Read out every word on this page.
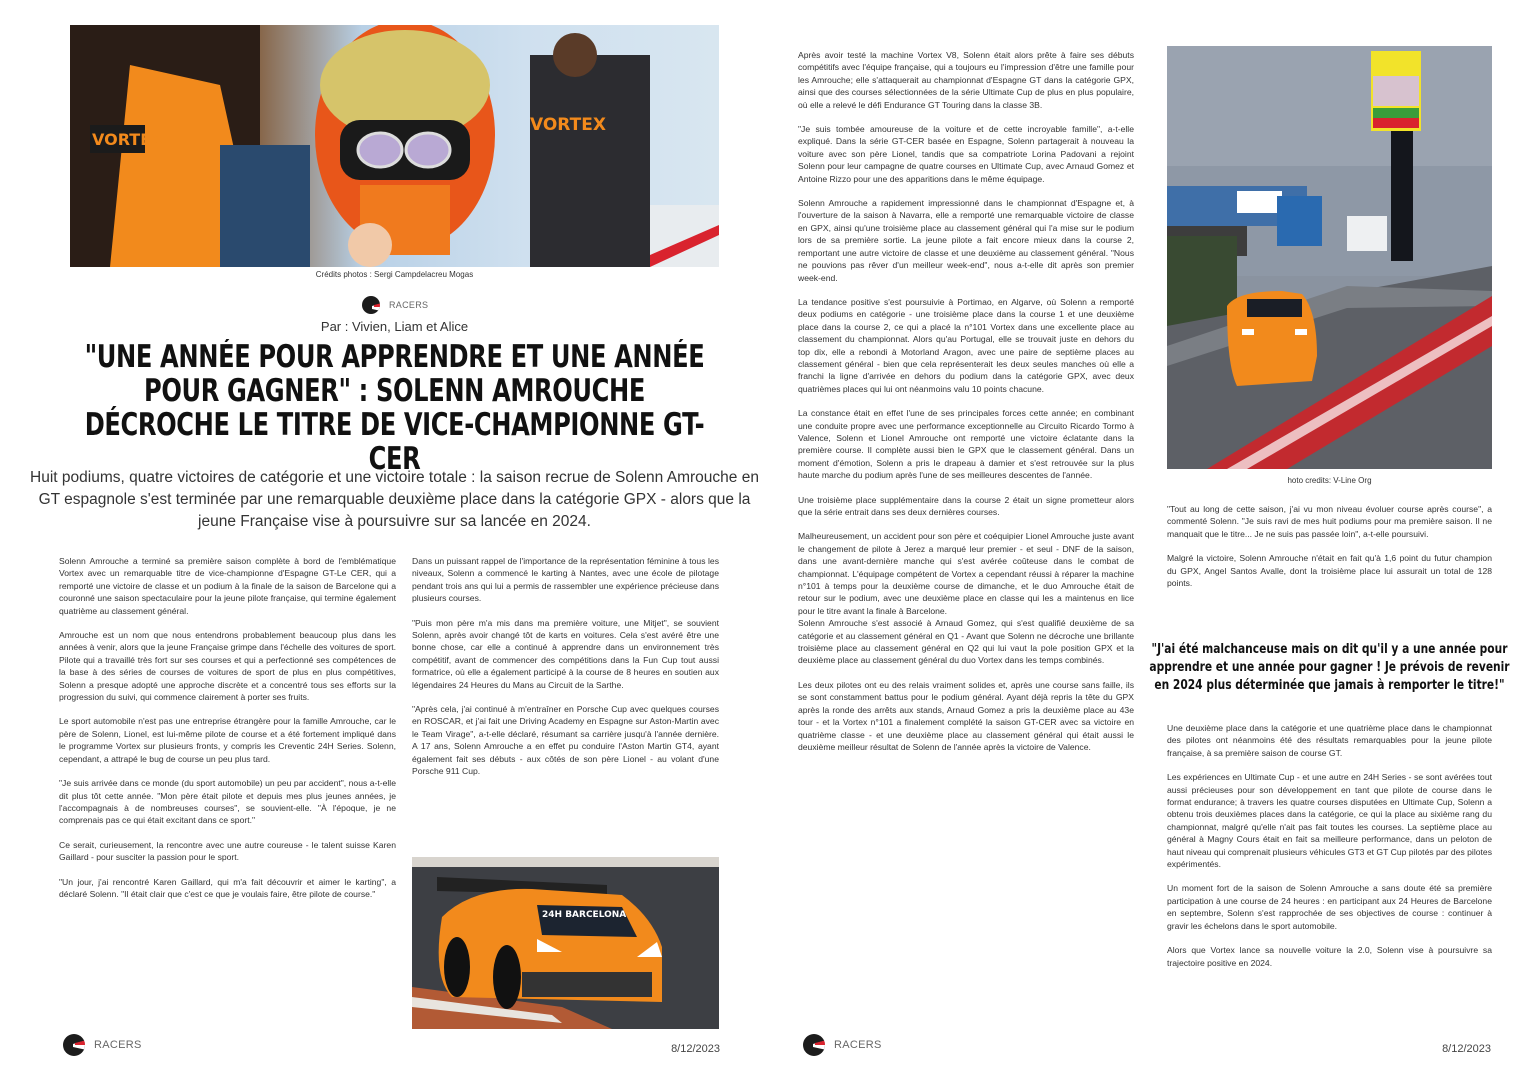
VORTEX
VORTEX
Crédits photos : Sergi Campdelacreu Mogas
RACERS
Par : Vivien, Liam et Alice
"UNE ANNÉE POUR APPRENDRE ET UNE ANNÉE POUR GAGNER" : SOLENN AMROUCHE DÉCROCHE LE TITRE DE VICE-CHAMPIONNE GT-CER
Huit podiums, quatre victoires de catégorie et une victoire totale : la saison recrue de Solenn Amrouche en GT espagnole s'est terminée par une remarquable deuxième place dans la catégorie GPX - alors que la jeune Française vise à poursuivre sur sa lancée en 2024.

Solenn Amrouche a terminé sa première saison complète à bord de l'emblématique Vortex avec un remarquable titre de vice-championne d'Espagne GT-Le CER, qui a remporté une victoire de classe et un podium à la finale de la saison de Barcelone qui a couronné une saison spectaculaire pour la jeune pilote française, qui termine également quatrième au classement général.

Amrouche est un nom que nous entendrons probablement beaucoup plus dans les années à venir, alors que la jeune Française grimpe dans l'échelle des voitures de sport. Pilote qui a travaillé très fort sur ses courses et qui a perfectionné ses compétences de la base à des séries de courses de voitures de sport de plus en plus compétitives, Solenn a presque adopté une approche discrète et a concentré tous ses efforts sur la progression du suivi, qui commence clairement à porter ses fruits.

Le sport automobile n'est pas une entreprise étrangère pour la famille Amrouche, car le père de Solenn, Lionel, est lui-même pilote de course et a été fortement impliqué dans le programme Vortex sur plusieurs fronts, y compris les Creventic 24H Series. Solenn, cependant, a attrapé le bug de course un peu plus tard.

"Je suis arrivée dans ce monde (du sport automobile) un peu par accident", nous a-t-elle dit plus tôt cette année. "Mon père était pilote et depuis mes plus jeunes années, je l'accompagnais à de nombreuses courses", se souvient-elle. "À l'époque, je ne comprenais pas ce qui était excitant dans ce sport."

Ce serait, curieusement, la rencontre avec une autre coureuse - le talent suisse Karen Gaillard - pour susciter la passion pour le sport.

"Un jour, j'ai rencontré Karen Gaillard, qui m'a fait découvrir et aimer le karting", a déclaré Solenn. "Il était clair que c'est ce que je voulais faire, être pilote de course."

Dans un puissant rappel de l'importance de la représentation féminine à tous les niveaux, Solenn a commencé le karting à Nantes, avec une école de pilotage pendant trois ans qui lui a permis de rassembler une expérience précieuse dans plusieurs courses.

"Puis mon père m'a mis dans ma première voiture, une Mitjet", se souvient Solenn, après avoir changé tôt de karts en voitures. Cela s'est avéré être une bonne chose, car elle a continué à apprendre dans un environnement très compétitif, avant de commencer des compétitions dans la Fun Cup tout aussi formatrice, où elle a également participé à la course de 8 heures en soutien aux légendaires 24 Heures du Mans au Circuit de la Sarthe.

"Après cela, j'ai continué à m'entraîner en Porsche Cup avec quelques courses en ROSCAR, et j'ai fait une Driving Academy en Espagne sur Aston-Martin avec le Team Virage", a-t-elle déclaré, résumant sa carrière jusqu'à l'année dernière. A 17 ans, Solenn Amrouche a en effet pu conduire l'Aston Martin GT4, ayant également fait ses débuts - aux côtés de son père Lionel - au volant d'une Porsche 911 Cup.

24H BARCELONA
RACERS	8/12/2023

Après avoir testé la machine Vortex V8, Solenn était alors prête à faire ses débuts compétitifs avec l'équipe française, qui a toujours eu l'impression d'être une famille pour les Amrouche; elle s'attaquerait au championnat d'Espagne GT dans la catégorie GPX, ainsi que des courses sélectionnées de la série Ultimate Cup de plus en plus populaire, où elle a relevé le défi Endurance GT Touring dans la classe 3B.

"Je suis tombée amoureuse de la voiture et de cette incroyable famille", a-t-elle expliqué. Dans la série GT-CER basée en Espagne, Solenn partagerait à nouveau la voiture avec son père Lionel, tandis que sa compatriote Lorina Padovani a rejoint Solenn pour leur campagne de quatre courses en Ultimate Cup, avec Arnaud Gomez et Antoine Rizzo pour une des apparitions dans le même équipage.

Solenn Amrouche a rapidement impressionné dans le championnat d'Espagne et, à l'ouverture de la saison à Navarra, elle a remporté une remarquable victoire de classe en GPX, ainsi qu'une troisième place au classement général qui l'a mise sur le podium lors de sa première sortie. La jeune pilote a fait encore mieux dans la course 2, remportant une autre victoire de classe et une deuxième au classement général. "Nous ne pouvions pas rêver d'un meilleur week-end", nous a-t-elle dit après son premier week-end.

La tendance positive s'est poursuivie à Portimao, en Algarve, où Solenn a remporté deux podiums en catégorie - une troisième place dans la course 1 et une deuxième place dans la course 2, ce qui a placé la n°101 Vortex dans une excellente place au classement du championnat. Alors qu'au Portugal, elle se trouvait juste en dehors du top dix, elle a rebondi à Motorland Aragon, avec une paire de septième places au classement général - bien que cela représenterait les deux seules manches où elle a franchi la ligne d'arrivée en dehors du podium dans la catégorie GPX, avec deux quatrièmes places qui lui ont néanmoins valu 10 points chacune.

La constance était en effet l'une de ses principales forces cette année; en combinant une conduite propre avec une performance exceptionnelle au Circuito Ricardo Tormo à Valence, Solenn et Lionel Amrouche ont remporté une victoire éclatante dans la première course. Il complète aussi bien le GPX que le classement général. Dans un moment d'émotion, Solenn a pris le drapeau à damier et s'est retrouvée sur la plus haute marche du podium après l'une de ses meilleures descentes de l'année.

Une troisième place supplémentaire dans la course 2 était un signe prometteur alors que la série entrait dans ses deux dernières courses.

Malheureusement, un accident pour son père et coéquipier Lionel Amrouche juste avant le changement de pilote à Jerez a marqué leur premier - et seul - DNF de la saison, dans une avant-dernière manche qui s'est avérée coûteuse dans le combat de championnat. L'équipage compétent de Vortex a cependant réussi à réparer la machine n°101 à temps pour la deuxième course de dimanche, et le duo Amrouche était de retour sur le podium, avec une deuxième place en classe qui les a maintenus en lice pour le titre avant la finale à Barcelone.

Solenn Amrouche s'est associé à Arnaud Gomez, qui s'est qualifié deuxième de sa catégorie et au classement général en Q1 - Avant que Solenn ne décroche une brillante troisième place au classement général en Q2 qui lui vaut la pole position GPX et la deuxième place au classement général du duo Vortex dans les temps combinés.

Les deux pilotes ont eu des relais vraiment solides et, après une course sans faille, ils se sont constamment battus pour le podium général. Ayant déjà repris la tête du GPX après la ronde des arrêts aux stands, Arnaud Gomez a pris la deuxième place au 43e tour - et la Vortex n°101 a finalement complété la saison GT-CER avec sa victoire en quatrième classe - et une deuxième place au classement général qui était aussi le deuxième meilleur résultat de Solenn de l'année après la victoire de Valence.

hoto credits: V-Line Org

"Tout au long de cette saison, j'ai vu mon niveau évoluer course après course", a commenté Solenn. "Je suis ravi de mes huit podiums pour ma première saison. Il ne manquait que le titre... Je ne suis pas passée loin", a-t-elle poursuivi.

Malgré la victoire, Solenn Amrouche n'était en fait qu'à 1,6 point du futur champion du GPX, Angel Santos Avalle, dont la troisième place lui assurait un total de 128 points.

"J'ai été malchanceuse mais on dit qu'il y a une année pour apprendre et une année pour gagner ! Je prévois de revenir en 2024 plus déterminée que jamais à remporter le titre!"

Une deuxième place dans la catégorie et une quatrième place dans le championnat des pilotes ont néanmoins été des résultats remarquables pour la jeune pilote française, à sa première saison de course GT.

Les expériences en Ultimate Cup - et une autre en 24H Series - se sont avérées tout aussi précieuses pour son développement en tant que pilote de course dans le format endurance; à travers les quatre courses disputées en Ultimate Cup, Solenn a obtenu trois deuxièmes places dans la catégorie, ce qui la place au sixième rang du championnat, malgré qu'elle n'ait pas fait toutes les courses. La septième place au général à Magny Cours était en fait sa meilleure performance, dans un peloton de haut niveau qui comprenait plusieurs véhicules GT3 et GT Cup pilotés par des pilotes expérimentés.

Un moment fort de la saison de Solenn Amrouche a sans doute été sa première participation à une course de 24 heures : en participant aux 24 Heures de Barcelone en septembre, Solenn s'est rapprochée de ses objectives de course : continuer à gravir les échelons dans le sport automobile.

Alors que Vortex lance sa nouvelle voiture la 2.0, Solenn vise à poursuivre sa trajectoire positive en 2024.

RACERS	8/12/2023
